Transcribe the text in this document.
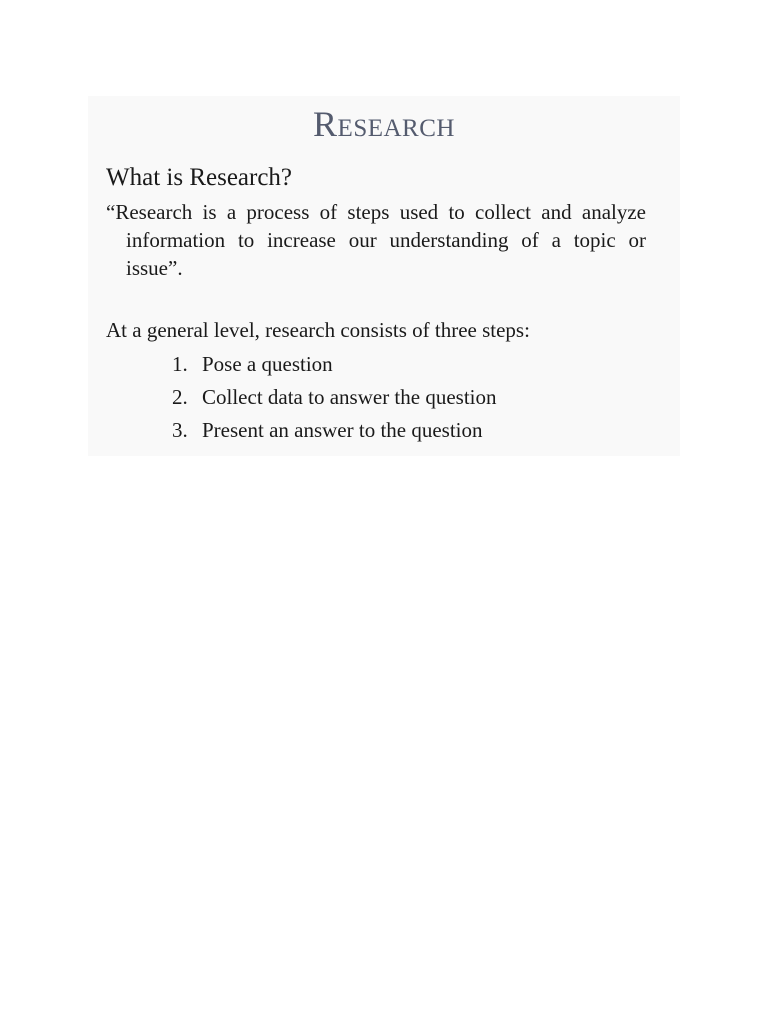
Research
What is Research?
“Research is a process of steps used to collect and analyze information to increase our understanding of a topic or issue”.
At a general level, research consists of three steps:
1. Pose a question
2. Collect data to answer the question
3. Present an answer to the question
